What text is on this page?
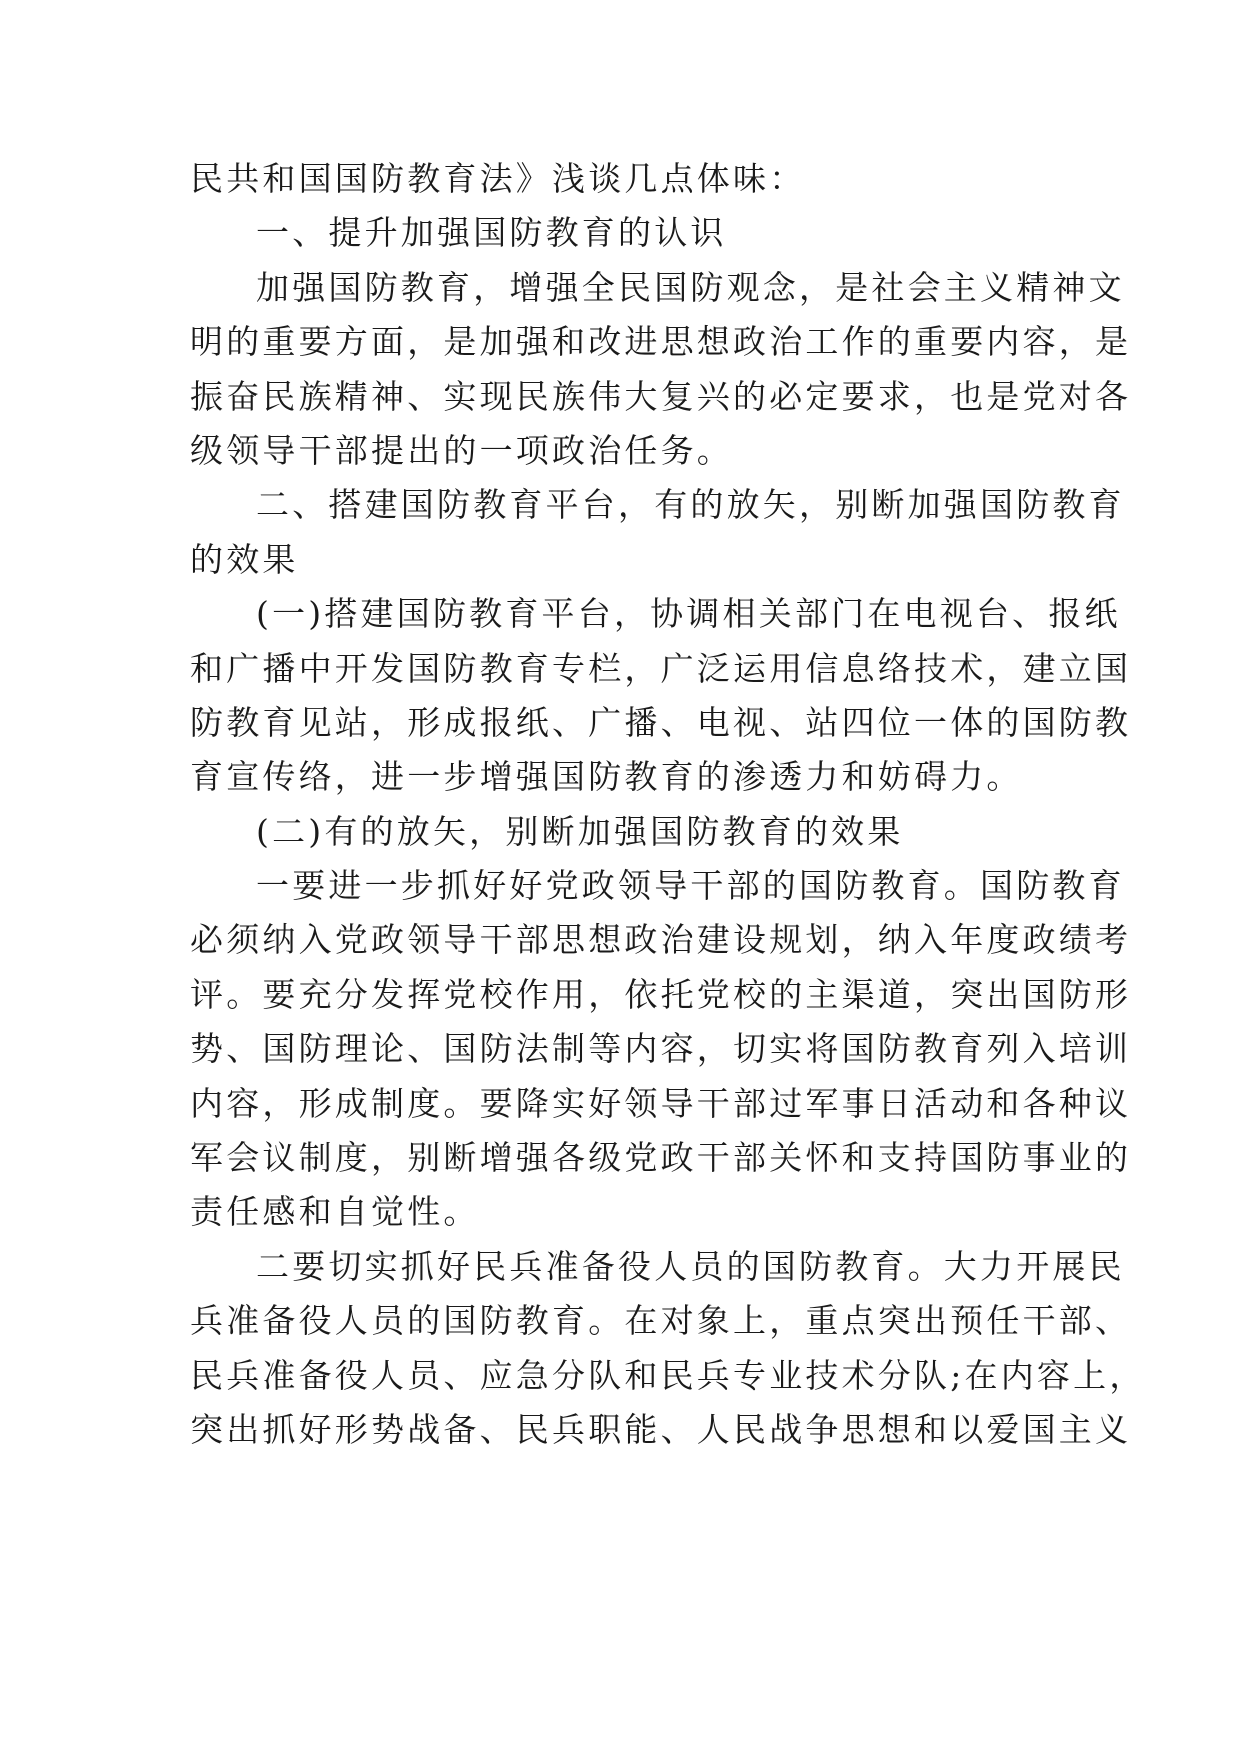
民共和国国防教育法》浅谈几点体味：
一、提升加强国防教育的认识
加强国防教育，增强全民国防观念，是社会主义精神文
明的重要方面，是加强和改进思想政治工作的重要内容，是
振奋民族精神、实现民族伟大复兴的必定要求，也是党对各
级领导干部提出的一项政治任务。
二、搭建国防教育平台，有的放矢，别断加强国防教育
的效果
(一)搭建国防教育平台，协调相关部门在电视台、报纸
和广播中开发国防教育专栏，广泛运用信息络技术，建立国
防教育见站，形成报纸、广播、电视、站四位一体的国防教
育宣传络，进一步增强国防教育的渗透力和妨碍力。
(二)有的放矢，别断加强国防教育的效果
一要进一步抓好好党政领导干部的国防教育。国防教育
必须纳入党政领导干部思想政治建设规划，纳入年度政绩考
评。要充分发挥党校作用，依托党校的主渠道，突出国防形
势、国防理论、国防法制等内容，切实将国防教育列入培训
内容，形成制度。要降实好领导干部过军事日活动和各种议
军会议制度，别断增强各级党政干部关怀和支持国防事业的
责任感和自觉性。
二要切实抓好民兵准备役人员的国防教育。大力开展民
兵准备役人员的国防教育。在对象上，重点突出预任干部、
民兵准备役人员、应急分队和民兵专业技术分队;在内容上，
突出抓好形势战备、民兵职能、人民战争思想和以爱国主义
